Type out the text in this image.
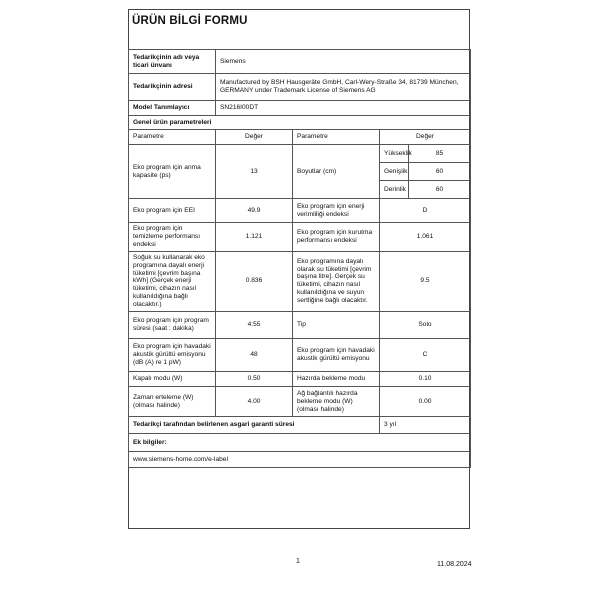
ÜRÜN BİLGİ FORMU
Tedarikçinin adı veya ticari ünvanı	Siemens			
Tedarikçinin adresi	Manufactured by BSH Hausgeräte GmbH, Carl-Wery-Straße 34, 81739 München, GERMANY under Trademark License of Siemens AG			
Model Tanımlayıcı	SN216I00DT			
Genel ürün parametreleri				
Parametre	Değer	Parametre	Değer	
Eko program için anma kapasite (ps)	13	Boyutlar (cm)	Yükseklik	85
			Genişlik	60
			Derinlik	60
Eko program için EEI	49.9	Eko program için enerji verimliliği endeksi	D	
Eko program için temizleme performansı endeksi	1.121	Eko program için kurutma performansı endeksi	1.061	
Soğuk su kullanarak eko programına dayalı enerji tüketimi [çevrim başına kWh] (Gerçek enerji tüketimi, cihazın nasıl kullanıldığına bağlı olacaktır.)	0.836	Eko programına dayalı olarak su tüketimi [çevrim başına litre]. Gerçek su tüketimi, cihazın nasıl kullanıldığına ve suyun sertliğine bağlı olacaktır.	9.5	
Eko program için program süresi (saat : dakika)	4:55	Tip	Solo	
Eko program için havadaki akustik gürültü emisyonu (dB (A) re 1 pW)	48	Eko program için havadaki akustik gürültü emisyonu	C	
Kapalı modu (W)	0.50	Hazırda bekleme modu	0.10	
Zaman erteleme (W) (olması halinde)	4.00	Ağ bağlantılı hazırda bekleme modu (W) (olması halinde)	0.00	
Tedarikçi tarafından belirlenen asgari garanti süresi			3 yıl	
Ek bilgiler:				
www.siemens-home.com/e-label				
1	11.08.2024
